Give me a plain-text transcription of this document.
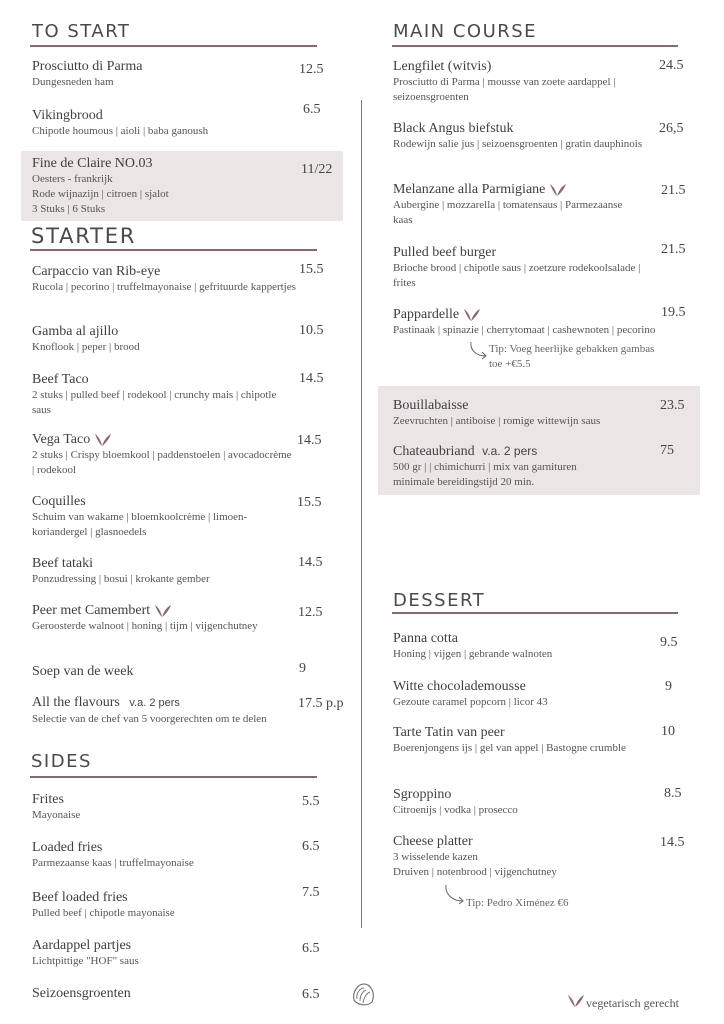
TO START
Prosciutto di Parma
Dungesneden ham
12.5
Vikingbrood
Chipotle houmous | aioli | baba ganoush
6.5
Fine de Claire NO.03
Oesters - frankrijk
Rode wijnazijn | citroen | sjalot
3 Stuks | 6 Stuks
11/22
STARTER
Carpaccio van Rib-eye
Rucola | pecorino | truffelmayonaise | gefrituurde kappertjes
15.5
Gamba al ajillo
Knoflook | peper | brood
10.5
Beef Taco
2 stuks | pulled beef | rodekool | crunchy mais | chipotle saus
14.5
Vega Taco
2 stuks | Crispy bloemkool | paddenstoelen | avocadocrème | rodekool
14.5
Coquilles
Schuim van wakame | bloemkoolcrème | limoen-koriandergel | glasnoedels
15.5
Beef tataki
Ponzudressing | bosui | krokante gember
14.5
Peer met Camembert
Geroosterde walnoot | honing | tijm | vijgenchutney
12.5
Soep van de week	9
All the flavours v.a. 2 pers
Selectie van de chef van 5 voorgerechten om te delen
17.5 p.p
SIDES
Frites
Mayonaise
5.5
Loaded fries
Parmezaanse kaas | truffelmayonaise
6.5
Beef loaded fries
Pulled beef | chipotle mayonaise
7.5
Aardappel partjes
Lichtpittige "HOF" saus
6.5
Seizoensgroenten	6.5
MAIN COURSE
Lengfilet (witvis)
Prosciutto di Parma | mousse van zoete aardappel | seizoensgroenten
24.5
Black Angus biefstuk
Rodewijn salie jus | seizoensgroenten | gratin dauphinois
26,5
Melanzane alla Parmigiane
Aubergine | mozzarella | tomatensaus | Parmezaanse kaas
21.5
Pulled beef burger
Brioche brood | chipotle saus | zoetzure rodekoolsalade | frites
21.5
Pappardelle
Pastinaak | spinazie | cherrytomaat | cashewnoten | pecorino
19.5
Tip: Voeg heerlijke gebakken gambas toe +€5.5
Bouillabaisse
Zeevruchten | antiboise | romige wittewijn saus
23.5
Chateaubriand v.a. 2 pers
500 gr | | chimichurri | mix van garnituren
minimale bereidingstijd 20 min.
75
DESSERT
Panna cotta
Honing | vijgen | gebrande walnoten
9.5
Witte chocolademousse
Gezoute caramel popcorn | licor 43
9
Tarte Tatin van peer
Boerenjongens ijs | gel van appel | Bastogne crumble
10
Sgroppino
Citroenijs | vodka | prosecco
8.5
Cheese platter
3 wisselende kazen
Druiven | notenbrood | vijgenchutney
14.5
Tip: Pedro Ximénez €6
vegetarisch gerecht
